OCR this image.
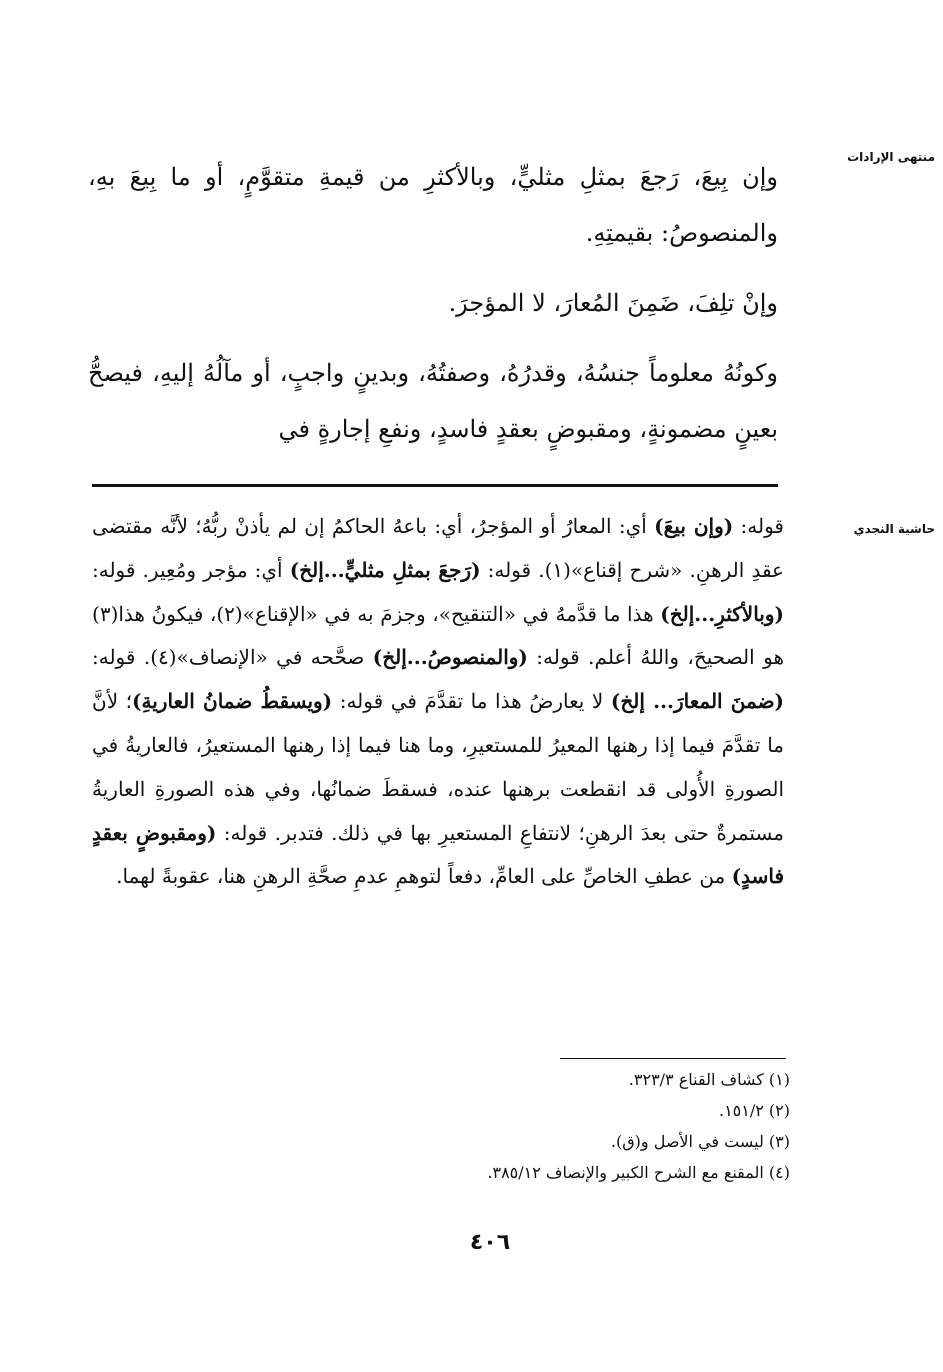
منتهى الإرادات

وإن بِيعَ، رَجعَ بمثلِ مثليٍّ، وبالأكثرِ من قيمةِ متقوَّمٍ، أو ما بِيعَ بهِ، والمنصوصُ: بقيمتِهِ.

وإنْ تلِفَ، ضَمِنَ المُعارَ، لا المؤجرَ.

وكونُهُ معلوماً جنسُهُ، وقدرُهُ، وصفتُهُ، وبدينٍ واجبٍ، أو مآلُهُ إليهِ، فيصحُّ بعينٍ مضمونةٍ، ومقبوضٍ بعقدٍ فاسدٍ، ونفعِ إجارةٍ في

حاشية النجدي

قوله: (وإن بيعَ) أي: المعارُ أو المؤجرُ، أي: باعهُ الحاكمُ إن لم يأذنْ ربُّهُ؛ لأنَّه مقتضى عقدِ الرهنِ. «شرح إقناع»(١). قوله: (رَجعَ بمثلِ مثليٍّ...إلخ) أي: مؤجر ومُعِير. قوله: (وبالأكثرِ...إلخ) هذا ما قدَّمهُ في «التنقيح»، وجزمَ به في «الإقناع»(٢)، فيكونُ هذا(٣) هو الصحيحَ، واللهُ أعلم. قوله: (والمنصوصُ...إلخ) صحَّحه في «الإنصاف»(٤). قوله: (ضمنَ المعارَ... إلخ) لا يعارضُ هذا ما تقدَّمَ في قوله: (ويسقطُ ضمانُ العاريةِ)؛ لأنَّ ما تقدَّمَ فيما إذا رهنها المعيرُ للمستعيرِ، وما هنا فيما إذا رهنها المستعيرُ، فالعاريةُ في الصورةِ الأُولى قد انقطعت برهنها عنده، فسقطَ ضمانُها، وفي هذه الصورةِ العاريةُ مستمرةٌ حتى بعدَ الرهنِ؛ لانتفاعِ المستعيرِ بها في ذلك. فتدبر. قوله: (ومقبوضٍ بعقدٍ فاسدٍ) من عطفِ الخاصِّ على العامِّ، دفعاً لتوهمِ عدمِ صحَّةِ الرهنِ هنا، عقوبةً لهما.

(١) كشاف القناع ٣٢٣/٣.
(٢) ١٥١/٢.
(٣) ليست في الأصل و(ق).
(٤) المقنع مع الشرح الكبير والإنصاف ٣٨٥/١٢.
٤٠٦
